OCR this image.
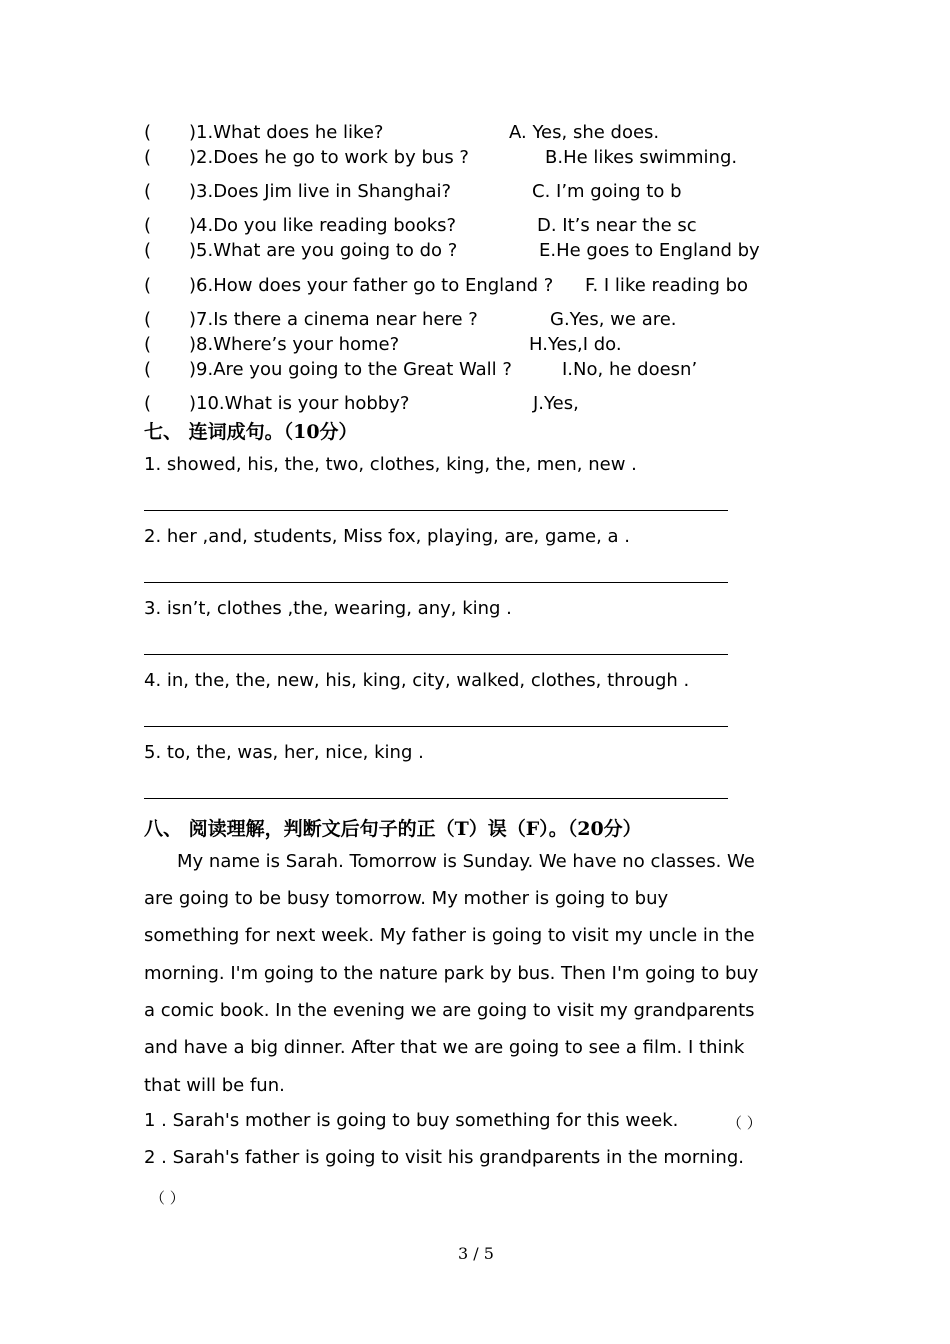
( )1.What does he like?	A. Yes, she does.
( )2.Does he go to work by bus ?	B.He likes swimming.
( )3.Does Jim live in Shanghai?	C. I’m going to b
( )4.Do you like reading books?	D. It’s near the sc
( )5.What are you going to do ?	E.He goes to England by
( )6.How does your father go to England ? F. I like reading bo
( )7.Is there a cinema near here ?	G.Yes, we are.
( )8.Where’s your home?	H.Yes,I do.
( )9.Are you going to the Great Wall ?	I.No, he doesn’
( )10.What is your hobby?	J.Yes,
七、 连词成句。（10分）
1. showed, his, the, two, clothes, king, the, men, new .
2. her ,and, students, Miss fox, playing, are, game, a .
3. isn’t, clothes ,the, wearing, any, king .
4. in, the, the, new, his, king, city, walked, clothes, through .
5. to, the, was, her, nice, king .
八、 阅读理解，判断文后句子的正（T）误（F）。（20分）
My name is Sarah. Tomorrow is Sunday. We have no classes. We
are going to be busy tomorrow. My mother is going to buy
something for next week. My father is going to visit my uncle in the
morning. I'm going to the nature park by bus. Then I'm going to buy
a comic book. In the evening we are going to visit my grandparents
and have a big dinner. After that we are going to see a film. I think
that will be fun.
1 . Sarah's mother is going to buy something for this week.	（ ）
2 . Sarah's father is going to visit his grandparents in the morning.
（ ）
3 / 5
